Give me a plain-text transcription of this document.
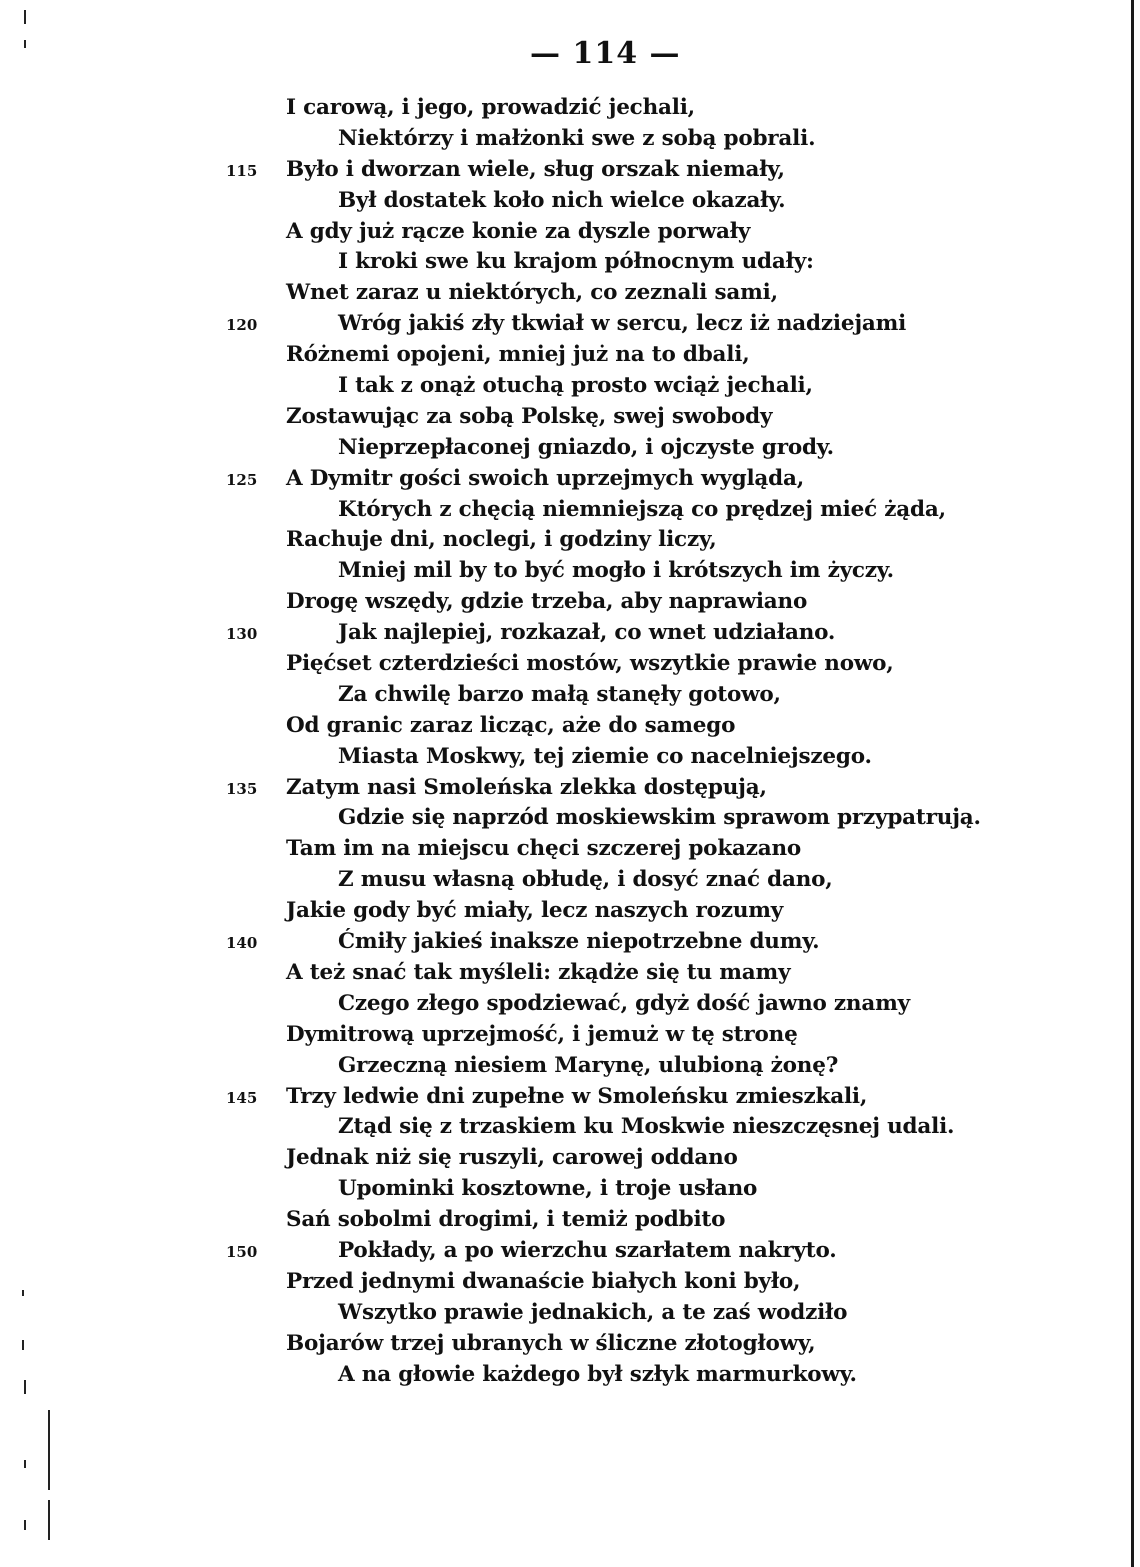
— 114 —
I carową, i jego, prowadzić jechali,
Niektórzy i małżonki swe z sobą pobrali.
115 Było i dworzan wiele, sług orszak niemały,
Był dostatek koło nich wielce okazały.
A gdy już rącze konie za dyszle porwały
I kroki swe ku krajom północnym udały:
Wnet zaraz u niektórych, co zeznali sami,
120	Wróg jakiś zły tkwiał w sercu, lecz iż nadziejami
Różnemi opojeni, mniej już na to dbali,
I tak z onąż otuchą prosto wciąż jechali,
Zostawując za sobą Polskę, swej swobody
Nieprzepłaconej gniazdo, i ojczyste grody.
125 A Dymitr gości swoich uprzejmych wygląda,
Których z chęcią niemniejszą co prędzej mieć żąda,
Rachuje dni, noclegi, i godziny liczy,
Mniej mil by to być mogło i krótszych im życzy.
Drogę wszędy, gdzie trzeba, aby naprawiano
130	Jak najlepiej, rozkazał, co wnet udziałano.
Pięćset czterdzieści mostów, wszytkie prawie nowo,
Za chwilę barzo małą stanęły gotowo,
Od granic zaraz licząc, aże do samego
Miasta Moskwy, tej ziemie co nacelniejszego.
135 Zatym nasi Smoleńska zlekka dostępują,
Gdzie się naprzód moskiewskim sprawom przypatrują.
Tam im na miejscu chęci szczerej pokazano
Z musu własną obłudę, i dosyć znać dano,
Jakie gody być miały, lecz naszych rozumy
140	Ćmiły jakieś inaksze niepotrzebne dumy.
A też snać tak myśleli: zkądże się tu mamy
Czego złego spodziewać, gdyż dość jawno znamy
Dymitrową uprzejmość, i jemuż w tę stronę
Grzeczną niesiem Marynę, ulubioną żonę?
145 Trzy ledwie dni zupełne w Smoleńsku zmieszkali,
Ztąd się z trzaskiem ku Moskwie nieszczęsnej udali.
Jednak niż się ruszyli, carowej oddano
Upominki kosztowne, i troje usłano
Sań sobolmi drogimi, i temiż podbito
150	Pokłady, a po wierzchu szarłatem nakryto.
Przed jednymi dwanaście białych koni było,
Wszytko prawie jednakich, a te zaś wodziło
Bojarów trzej ubranych w śliczne złotogłowy,
A na głowie każdego był szłyk marmurkowy.
